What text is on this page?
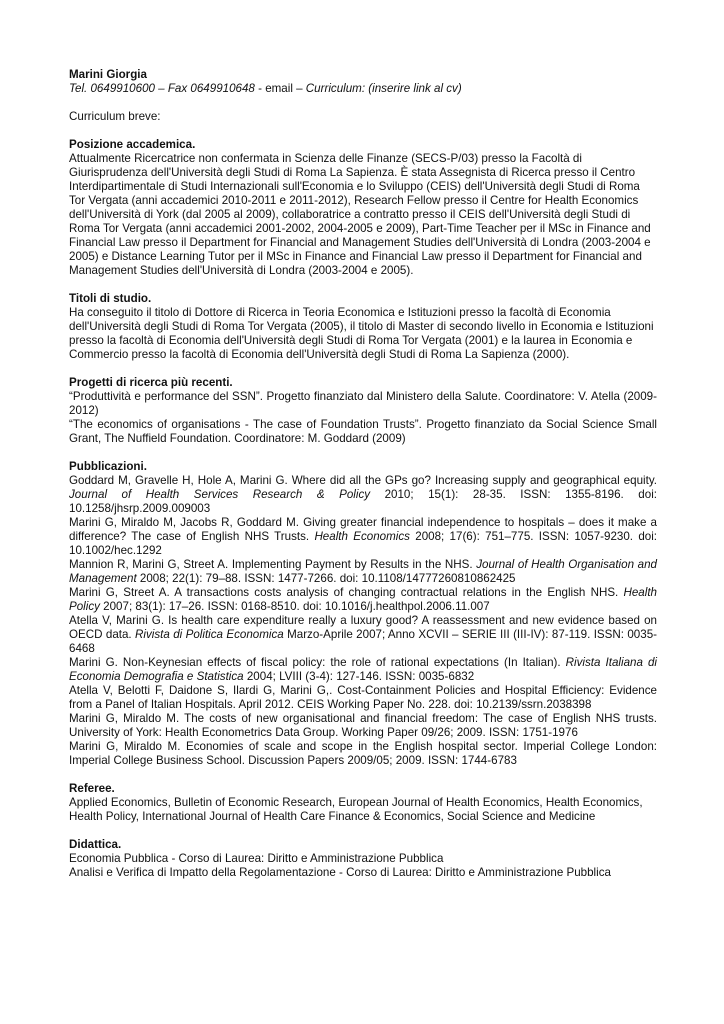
Marini Giorgia

Tel. 0649910600 – Fax 0649910648 - email – Curriculum: (inserire link al cv)

Curriculum breve:

Posizione accademica.

Attualmente Ricercatrice non confermata in Scienza delle Finanze (SECS-P/03) presso la Facoltà di Giurisprudenza dell'Università degli Studi di Roma La Sapienza. È stata Assegnista di Ricerca presso il Centro Interdipartimentale di Studi Internazionali sull'Economia e lo Sviluppo (CEIS) dell'Università degli Studi di Roma Tor Vergata (anni accademici 2010-2011 e 2011-2012), Research Fellow presso il Centre for Health Economics dell'Università di York (dal 2005 al 2009), collaboratrice a contratto presso il CEIS dell'Università degli Studi di Roma Tor Vergata (anni accademici 2001-2002, 2004-2005 e 2009), Part-Time Teacher per il MSc in Finance and Financial Law presso il Department for Financial and Management Studies dell'Università di Londra (2003-2004 e 2005) e Distance Learning Tutor per il MSc in Finance and Financial Law presso il Department for Financial and Management Studies dell'Università di Londra (2003-2004 e 2005).

Titoli di studio.

Ha conseguito il titolo di Dottore di Ricerca in Teoria Economica e Istituzioni presso la facoltà di Economia dell'Università degli Studi di Roma Tor Vergata (2005), il titolo di Master di secondo livello in Economia e Istituzioni presso la facoltà di Economia dell'Università degli Studi di Roma Tor Vergata (2001) e la laurea in Economia e Commercio presso la facoltà di Economia dell'Università degli Studi di Roma La Sapienza (2000).

Progetti di ricerca più recenti.

“Produttività e performance del SSN”. Progetto finanziato dal Ministero della Salute. Coordinatore: V. Atella (2009-2012)

“The economics of organisations - The case of Foundation Trusts”. Progetto finanziato da Social Science Small Grant, The Nuffield Foundation. Coordinatore: M. Goddard (2009)

Pubblicazioni.

Goddard M, Gravelle H, Hole A, Marini G. Where did all the GPs go? Increasing supply and geographical equity. Journal of Health Services Research & Policy 2010; 15(1): 28-35. ISSN: 1355-8196. doi: 10.1258/jhsrp.2009.009003

Marini G, Miraldo M, Jacobs R, Goddard M. Giving greater financial independence to hospitals – does it make a difference? The case of English NHS Trusts. Health Economics 2008; 17(6): 751–775. ISSN: 1057-9230. doi: 10.1002/hec.1292

Mannion R, Marini G, Street A. Implementing Payment by Results in the NHS. Journal of Health Organisation and Management 2008; 22(1): 79–88. ISSN: 1477-7266. doi: 10.1108/14777260810862425

Marini G, Street A. A transactions costs analysis of changing contractual relations in the English NHS. Health Policy 2007; 83(1): 17–26. ISSN: 0168-8510. doi: 10.1016/j.healthpol.2006.11.007

Atella V, Marini G. Is health care expenditure really a luxury good? A reassessment and new evidence based on OECD data. Rivista di Politica Economica Marzo-Aprile 2007; Anno XCVII – SERIE III (III-IV): 87-119. ISSN: 0035-6468

Marini G. Non-Keynesian effects of fiscal policy: the role of rational expectations (In Italian). Rivista Italiana di Economia Demografia e Statistica 2004; LVIII (3-4): 127-146. ISSN: 0035-6832

Atella V, Belotti F, Daidone S, Ilardi G, Marini G,. Cost-Containment Policies and Hospital Efficiency: Evidence from a Panel of Italian Hospitals. April 2012. CEIS Working Paper No. 228. doi: 10.2139/ssrn.2038398

Marini G, Miraldo M. The costs of new organisational and financial freedom: The case of English NHS trusts. University of York: Health Econometrics Data Group. Working Paper 09/26; 2009. ISSN: 1751-1976

Marini G, Miraldo M. Economies of scale and scope in the English hospital sector. Imperial College London: Imperial College Business School. Discussion Papers 2009/05; 2009. ISSN: 1744-6783

Referee.

Applied Economics, Bulletin of Economic Research, European Journal of Health Economics, Health Economics, Health Policy, International Journal of Health Care Finance & Economics, Social Science and Medicine

Didattica.

Economia Pubblica - Corso di Laurea: Diritto e Amministrazione Pubblica

Analisi e Verifica di Impatto della Regolamentazione - Corso di Laurea: Diritto e Amministrazione Pubblica
